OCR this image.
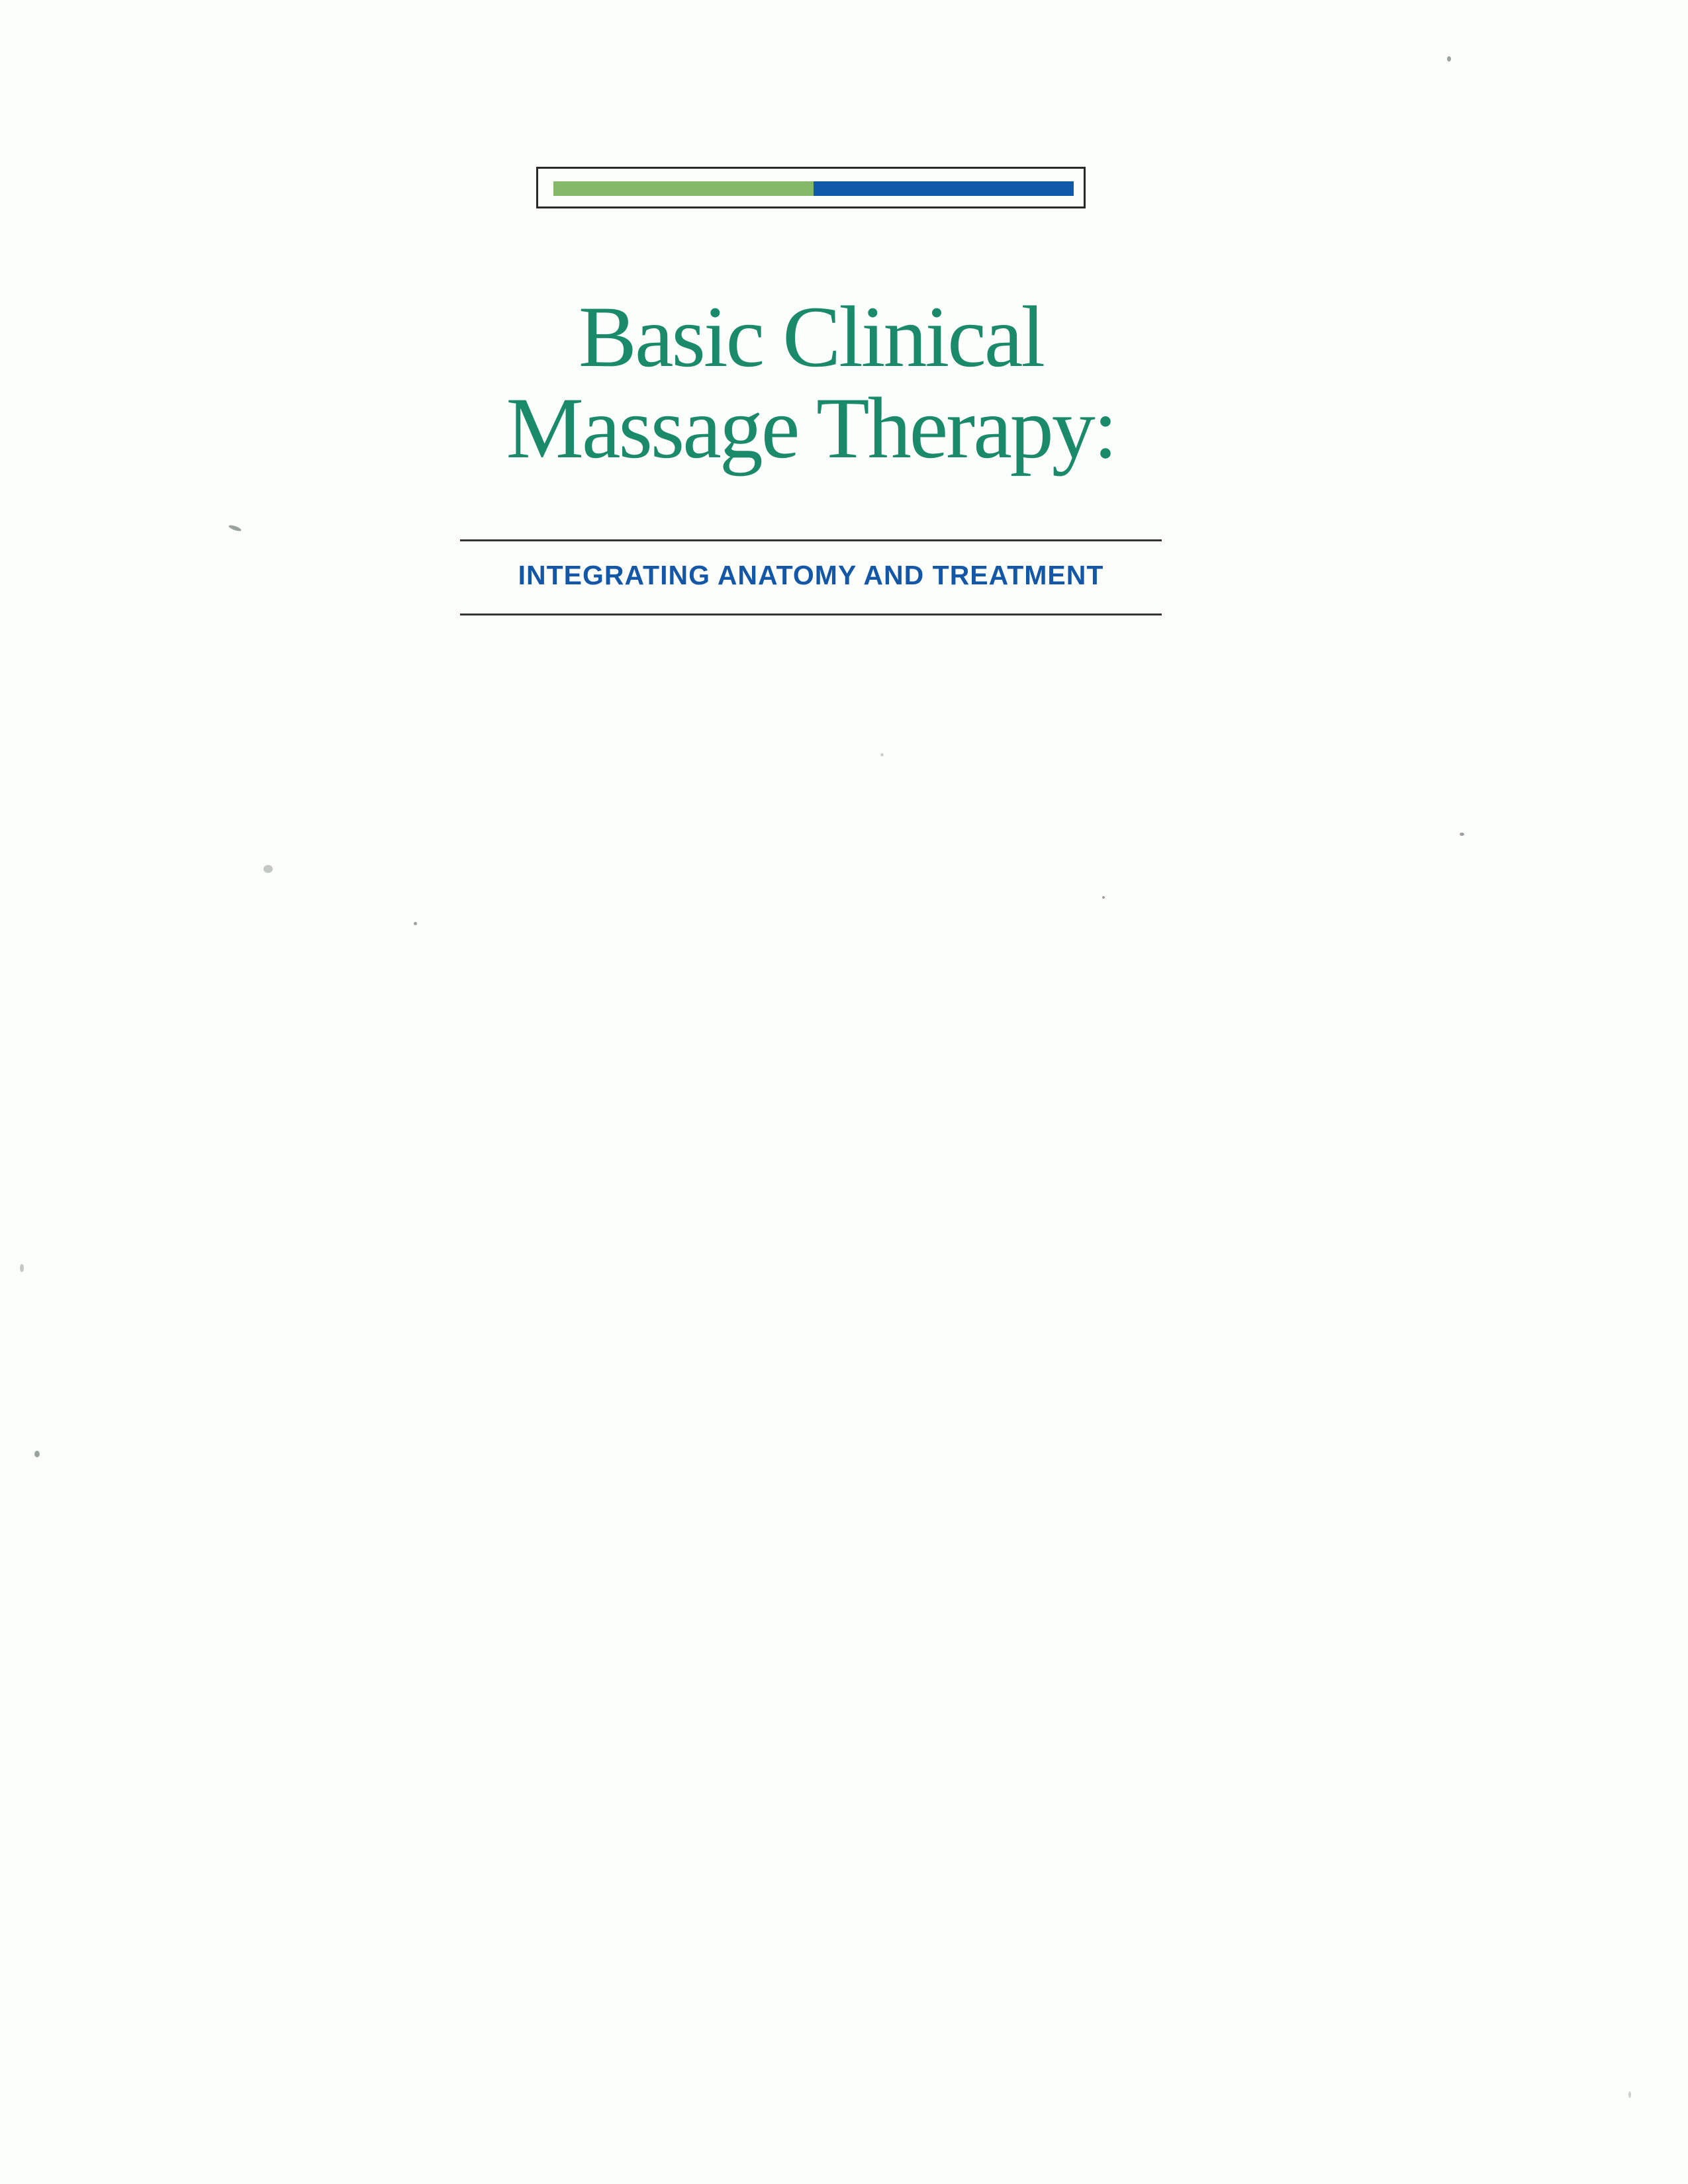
Basic Clinical
Massage Therapy:
INTEGRATING ANATOMY AND TREATMENT
